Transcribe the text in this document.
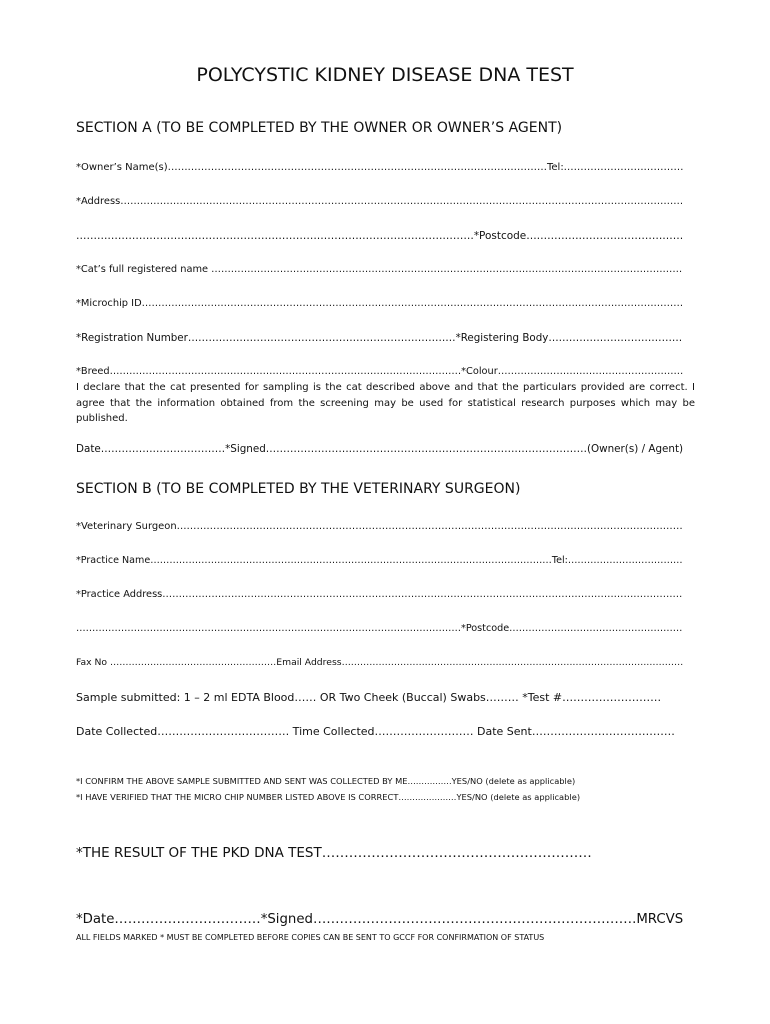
POLYCYSTIC KIDNEY DISEASE DNA TEST
SECTION A (TO BE COMPLETED BY THE OWNER OR OWNER’S AGENT)
*Owner’s Name(s)……………………………………………………………………………………………………Tel:………………………………
*Address………………………………………………………………………………………………………………………………………………………
……………………………………………………………………………………………………*Postcode………………………………………
*Cat’s full registered name ………………………………………………………………………………………………………………………………
*Microchip ID…………………………………………………………………………………………………………………………………………………
*Registration Number……………………………………………………………………*Registering Body…………………………………
*Breed………………………………………………………………………………………………*Colour…………………………………………………
I declare that the cat presented for sampling is the cat described above and that the particulars provided are correct. I agree that the information obtained from the screening may be used for statistical research purposes which may be published.
Date………………………………*Signed…………………………………………………………………………………(Owner(s) / Agent)
SECTION B (TO BE COMPLETED BY THE VETERINARY SURGEON)
*Veterinary Surgeon………………………………………………………………………………………………………………………………………
*Practice Name………………………………………………………………………………………………………………Tel:………………………………
*Practice Address……………………………………………………………………………………………………………………………………………
…………………………………………………………………………………………………………*Postcode………………………………………………
Fax No ………………………………………………Email Address…………………………………………………………………………………………………
Sample submitted: 1 – 2 ml EDTA Blood…… OR Two Cheek (Buccal) Swabs……… *Test #………………………
Date Collected……………………………… Time Collected……………………… Date Sent…………………………………
*I CONFIRM THE ABOVE SAMPLE SUBMITTED AND SENT WAS COLLECTED BY ME…………….YES/NO (delete as applicable)
*I HAVE VERIFIED THAT THE MICRO CHIP NUMBER LISTED ABOVE IS CORRECT…………………YES/NO (delete as applicable)
*THE RESULT OF THE PKD DNA TEST……………………………………………………
*Date……………………………*Signed……………………………………………………………….MRCVS
ALL FIELDS MARKED * MUST BE COMPLETED BEFORE COPIES CAN BE SENT TO GCCF FOR CONFIRMATION OF STATUS
